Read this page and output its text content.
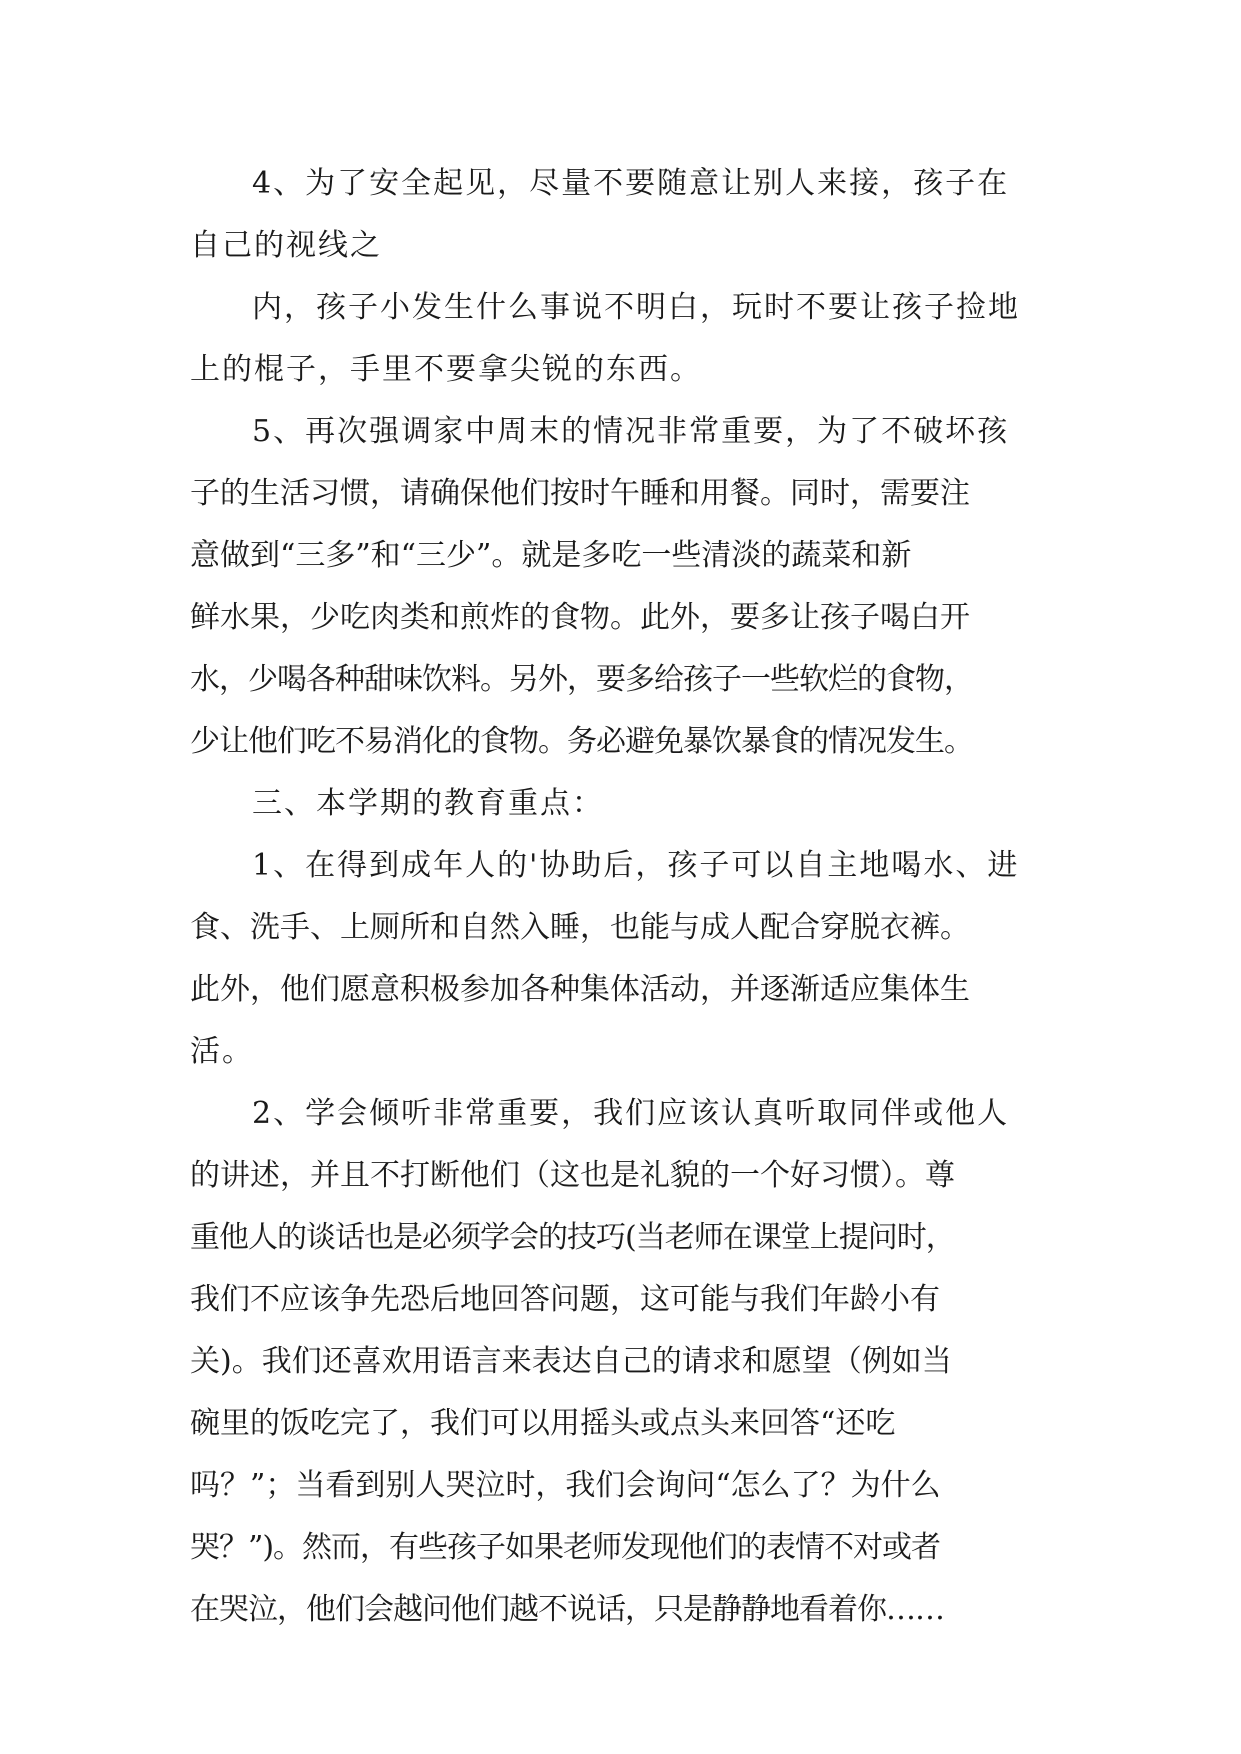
4、为了安全起见，尽量不要随意让别人来接，孩子在
自己的视线之
内，孩子小发生什么事说不明白，玩时不要让孩子捡地
上的棍子，手里不要拿尖锐的东西。
5、再次强调家中周末的情况非常重要，为了不破坏孩
子的生活习惯，请确保他们按时午睡和用餐。同时，需要注
意做到“三多”和“三少”。就是多吃一些清淡的蔬菜和新
鲜水果，少吃肉类和煎炸的食物。此外，要多让孩子喝白开
水，少喝各种甜味饮料。另外，要多给孩子一些软烂的食物，
少让他们吃不易消化的食物。务必避免暴饮暴食的情况发生。
三、本学期的教育重点：
1、在得到成年人的'协助后，孩子可以自主地喝水、进
食、洗手、上厕所和自然入睡，也能与成人配合穿脱衣裤。
此外，他们愿意积极参加各种集体活动，并逐渐适应集体生
活。
2、学会倾听非常重要，我们应该认真听取同伴或他人
的讲述，并且不打断他们（这也是礼貌的一个好习惯）。尊
重他人的谈话也是必须学会的技巧(当老师在课堂上提问时，
我们不应该争先恐后地回答问题，这可能与我们年龄小有
关)。我们还喜欢用语言来表达自己的请求和愿望（例如当
碗里的饭吃完了，我们可以用摇头或点头来回答“还吃
吗？”；当看到别人哭泣时，我们会询问“怎么了？为什么
哭？”)。然而，有些孩子如果老师发现他们的表情不对或者
在哭泣，他们会越问他们越不说话，只是静静地看着你……
